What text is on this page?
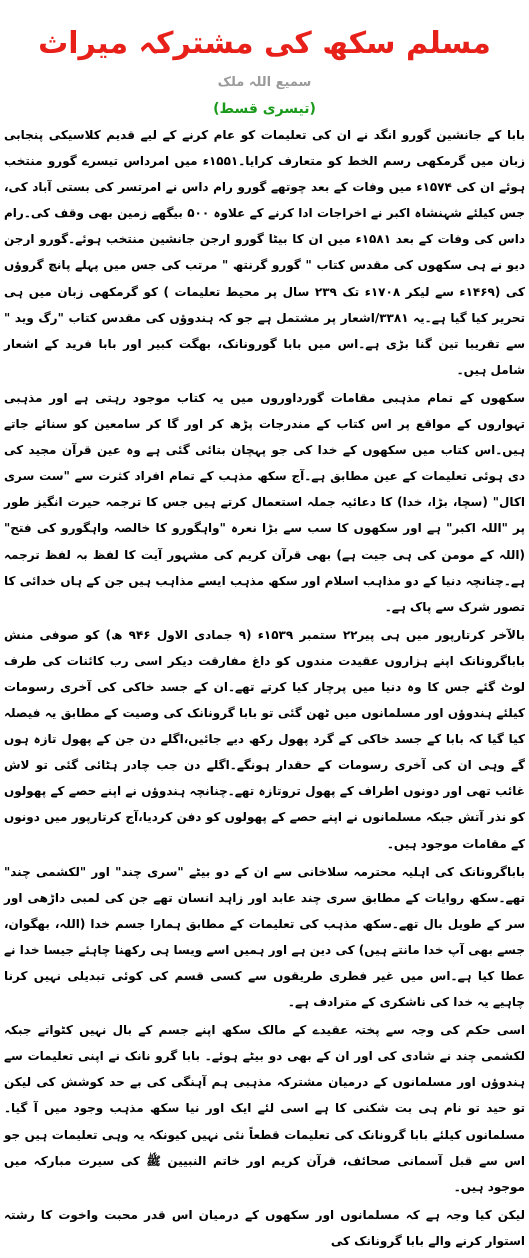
مسلم سکھ کی مشترکہ میراث
سمیع اللہ ملک
(تیسری قسط)

بابا کے جانشین گورو انگد نے ان کی تعلیمات کو عام کرنے کے لیے قدیم کلاسیکی پنجابی زبان میں گرمکھی رسم الخط کو متعارف کرایا۔۱۵۵۱ء میں امرداس تیسرے گورو منتخب ہوئے ان کی ۱۵۷۴ء میں وفات کے بعد چوتھے گورو رام داس نے امرتسر کی بستی آباد کی، جس کیلئے شہنشاہ اکبر نے اخراجات ادا کرنے کے علاوہ ۵۰۰ بیگھے زمین بھی وقف کی۔رام داس کی وفات کے بعد ۱۵۸۱ء میں ان کا بیٹا گورو ارجن جانشین منتخب ہوئے۔گورو ارجن دیو نے ہی سکھوں کی مقدس کتاب " گورو گرنتھ " مرتب کی جس میں پہلے پانچ گروؤں کی (۱۴۶۹ء سے لیکر ۱۷۰۸ء تک ۲۳۹ سال پر محیط تعلیمات ) کو گرمکھی زبان میں ہی تحریر کیا گیا ہے۔یہ ۳۳۸۱/اشعار پر مشتمل ہے جو کہ ہندوؤں کی مقدس کتاب "رگ وید " سے تقریبا تین گنا بڑی ہے۔اس میں بابا گورونانک، بھگت کبیر اور بابا فرید کے اشعار شامل ہیں۔

سکھوں کے تمام مذہبی مقامات گورداوروں میں یہ کتاب موجود رہتی ہے اور مذہبی تہواروں کے مواقع پر اس کتاب کے مندرجات پڑھ کر اور گا کر سامعین کو سنائے جاتے ہیں۔اس کتاب میں سکھوں کے خدا کی جو پہچان بتائی گئی ہے وہ عین قرآن مجید کی دی ہوئی تعلیمات کے عین مطابق ہے۔آج سکھ مذہب کے تمام افراد کثرت سے "ست سری اکال" (سچا، بڑا، خدا) کا دعائیہ جملہ استعمال کرتے ہیں جس کا ترجمہ حیرت انگیز طور پر "اللہ اکبر" ہے اور سکھوں کا سب سے بڑا نعرہ "واہگورو کا خالصہ واہگورو کی فتح" (اللہ کے مومن کی ہی جیت ہے) بھی قرآن کریم کی مشہور آیت کا لفظ بہ لفظ ترجمہ ہے۔چنانچہ دنیا کے دو مذاہب اسلام اور سکھ مذہب ایسے مذاہب ہیں جن کے ہاں خدائی کا تصور شرک سے پاک ہے۔

بالآخر کرتارپور میں ہی پیر۲۲ ستمبر ۱۵۳۹ء (۹ جمادی الاول ۹۴۶ ھ) کو صوفی منش باباگرونانک اپنے ہزاروں عقیدت مندوں کو داغ مفارقت دیکر اسی رب کائنات کی طرف لوٹ گئے جس کا وہ دنیا میں پرچار کیا کرتے تھے۔ان کے جسد خاکی کی آخری رسومات کیلئے ہندوؤں اور مسلمانوں میں ٹھن گئی تو بابا گرونانک کی وصیت کے مطابق یہ فیصلہ کیا گیا کہ بابا کے جسد خاکی کے گرد پھول رکھ دیے جائیں،اگلے دن جن کے پھول تازہ ہوں گے وہی ان کی آخری رسومات کے حقدار ہونگے۔اگلے دن جب چادر ہٹائی گئی تو لاش غائب تھی اور دونوں اطراف کے پھول تروتازہ تھے۔چنانچہ ہندوؤں نے اپنے حصے کے پھولوں کو نذر آتش جبکہ مسلمانوں نے اپنے حصے کے پھولوں کو دفن کردیا،آج کرتارپور میں دونوں کے مقامات موجود ہیں۔

باباگرونانک کی اہلیہ محترمہ سلاخانی سے ان کے دو بیٹے "سری چند" اور "لکشمی چند" تھے۔سکھ روایات کے مطابق سری چند عابد اور زاہد انسان تھے جن کی لمبی داڑھی اور سر کے طویل بال تھے۔سکھ مذہب کی تعلیمات کے مطابق ہمارا جسم خدا (اللہ، بھگوان، جسے بھی آپ خدا مانتے ہیں) کی دین ہے اور ہمیں اسے ویسا ہی رکھنا چاہئے جیسا خدا نے عطا کیا ہے۔اس میں غیر فطری طریقوں سے کسی قسم کی کوئی تبدیلی نہیں کرنا چاہیے یہ خدا کی ناشکری کے مترادف ہے۔

اسی حکم کی وجہ سے پختہ عقیدے کے مالک سکھ اپنے جسم کے بال نہیں کٹواتے جبکہ لکشمی چند نے شادی کی اور ان کے بھی دو بیٹے ہوئے۔ بابا گرو نانک نے اپنی تعلیمات سے ہندوؤں اور مسلمانوں کے درمیان مشترکہ مذہبی ہم آہنگی کی بے حد کوشش کی لیکن تو حید تو نام ہی بت شکنی کا ہے اسی لئے ایک اور نیا سکھ مذہب وجود میں آ گیا۔مسلمانوں کیلئے بابا گرونانک کی تعلیمات قطعاً نئی نہیں کیونکہ یہ وہی تعلیمات ہیں جو اس سے قبل آسمانی صحائف، قرآن کریم اور خاتم النبیین ﷺ کی سیرت مبارکہ میں موجود ہیں۔

لیکن کیا وجہ ہے کہ مسلمانوں اور سکھوں کے درمیان اس قدر محبت واخوت کا رشتہ استوار کرنے والے بابا گرونانک کی
